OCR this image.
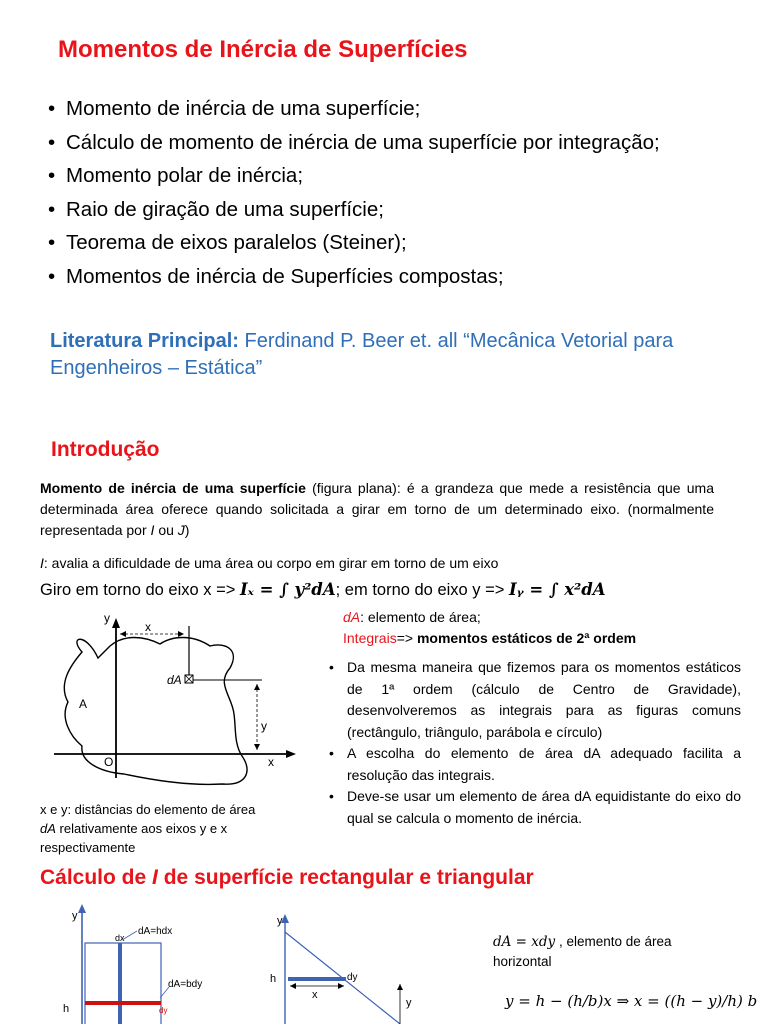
Momentos de Inércia de Superfícies
• Momento de inércia de uma superfície;
• Cálculo de momento de inércia de uma superfície por integração;
• Momento polar de inércia;
• Raio de giração de uma superfície;
• Teorema de eixos paralelos (Steiner);
• Momentos de inércia de Superfícies compostas;
Literatura Principal: Ferdinand P. Beer et. all “Mecânica Vetorial para Engenheiros – Estática”
Introdução
Momento de inércia de uma superfície (figura plana): é a grandeza que mede a resistência que uma determinada área oferece quando solicitada a girar em torno de um determinado eixo. (normalmente representada por I ou J)
I: avalia a dificuldade de uma área ou corpo em girar em torno de um eixo
Giro em torno do eixo x => Iₓ = ∫ y²dA; em torno do eixo y => Iᵧ = ∫ x²dA
y
x
O
A
x
dA
y
x e y: distâncias do elemento de área
dA relativamente aos eixos y e x respectivamente
dA: elemento de área;
Integrais=> momentos estáticos de 2ª ordem
• Da mesma maneira que fizemos para os momentos estáticos de 1ª ordem (cálculo de Centro de Gravidade), desenvolveremos as integrais para as figuras comuns (rectângulo, triângulo, parábola e círculo)
• A escolha do elemento de área dA adequado facilita a resolução das integrais.
• Deve-se usar um elemento de área dA equidistante do eixo do qual se calcula o momento de inércia.
Cálculo de I de superfície rectangular e triangular
y
dx
dA=hdx
dA=bdy
dy
h
y
dy
x
y
h
dA = xdy , elemento de área horizontal
y = h − (h/b)x ⇒ x = ((h − y)/h) b
